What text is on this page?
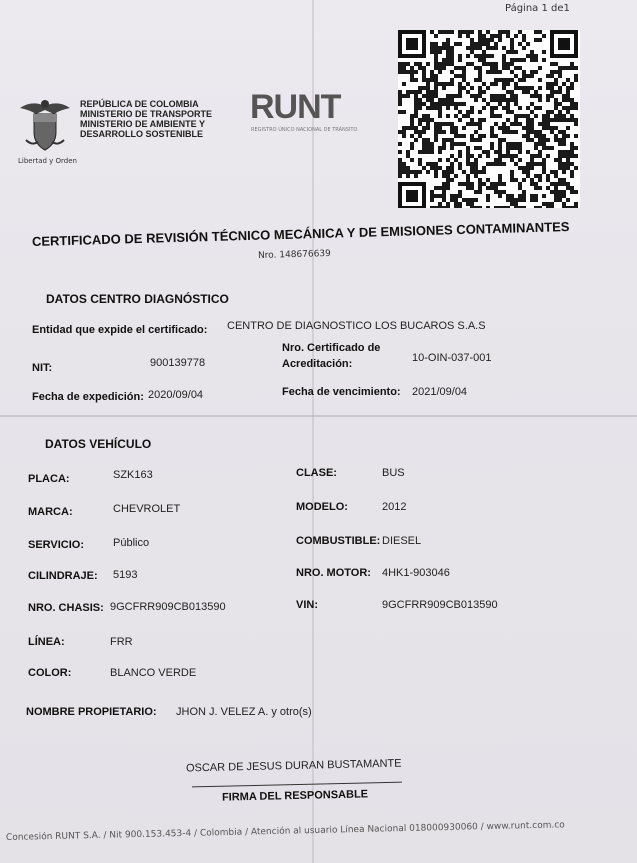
Página 1 de1
Libertad y Orden
REPÚBLICA DE COLOMBIA
MINISTERIO DE TRANSPORTE
MINISTERIO DE AMBIENTE Y
DESARROLLO SOSTENIBLE
RUNT
REGISTRO ÚNICO NACIONAL DE TRÁNSITO
CERTIFICADO DE REVISIÓN TÉCNICO MECÁNICA Y DE EMISIONES CONTAMINANTES
Nro. 148676639
DATOS CENTRO DIAGNÓSTICO
Entidad que expide el certificado: CENTRO DE DIAGNOSTICO LOS BUCAROS S.A.S
NIT:	900139778
Nro. Certificado de
Acreditación:	10-OIN-037-001
Fecha de expedición: 2020/09/04	Fecha de vencimiento: 2021/09/04
DATOS VEHÍCULO
PLACA:	SZK163	CLASE:	BUS
MARCA:	CHEVROLET	MODELO:	2012
SERVICIO:	Público	COMBUSTIBLE: DIESEL
CILINDRAJE: 5193	NRO. MOTOR: 4HK1-903046
NRO. CHASIS: 9GCFRR909CB013590	VIN:	9GCFRR909CB013590
LÍNEA:	FRR
COLOR:	BLANCO VERDE
NOMBRE PROPIETARIO: JHON J. VELEZ A. y otro(s)
OSCAR DE JESUS DURAN BUSTAMANTE
FIRMA DEL RESPONSABLE
Concesión RUNT S.A. / Nit 900.153.453-4 / Colombia / Atención al usuario Línea Nacional 018000930060 / www.runt.com.co
